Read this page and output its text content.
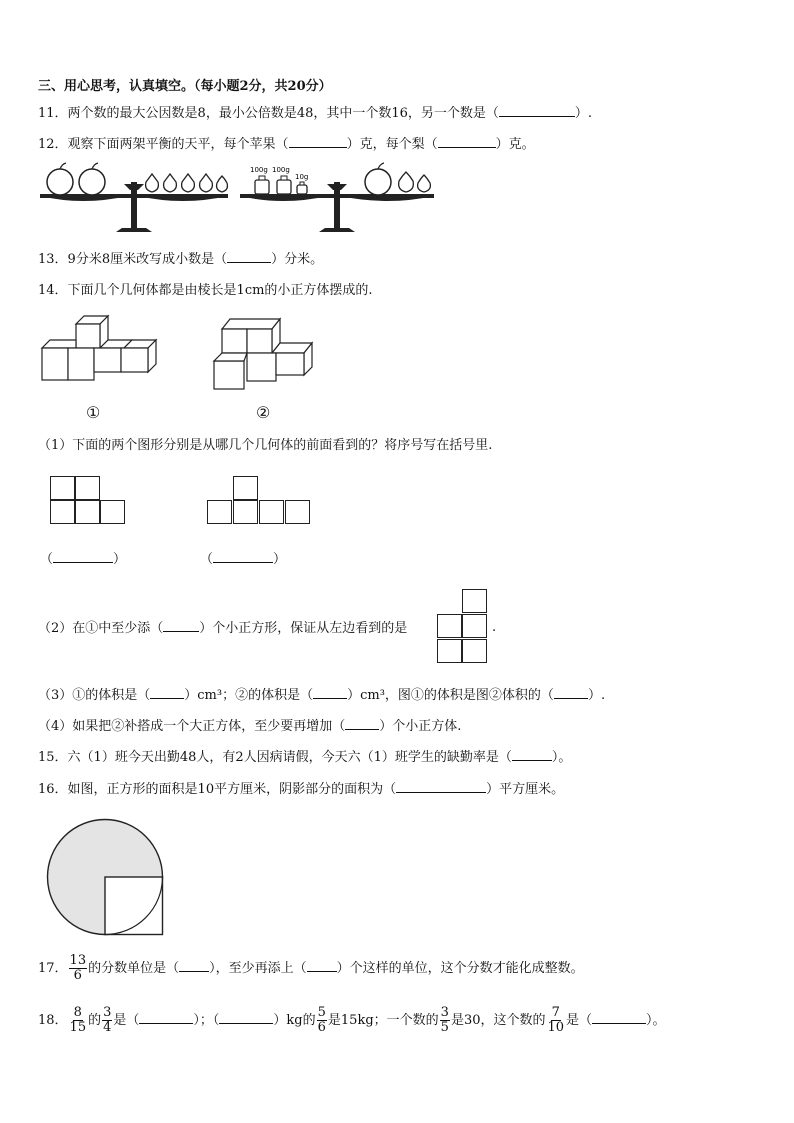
三、用心思考，认真填空。（每小题2分，共20分）
11．两个数的最大公因数是8，最小公倍数是48，其中一个数16，另一个数是（	）.
12．观察下面两架平衡的天平，每个苹果（	）克，每个梨（	）克。
100g 100g
10g
13．9分米8厘米改写成小数是（	）分米。
14．下面几个几何体都是由棱长是1cm的小正方体摆成的.
①	②
（1）下面的两个图形分别是从哪几个几何体的前面看到的？将序号写在括号里.
（	）	（	）
（2）在①中至少添（	）个小正方形，保证从左边看到的是	.
（3）①的体积是（	）cm³；②的体积是（	）cm³，图①的体积是图②体积的（	）.
（4）如果把②补搭成一个大正方体，至少要再增加（	）个小正方体.
15．六（1）班今天出勤48人，有2人因病请假，今天六（1）班学生的缺勤率是（	）。
16．如图，正方形的面积是10平方厘米，阴影部分的面积为（	）平方厘米。
17． $\frac{13}{6}$ 的分数单位是（ ），至少再添上（ ）个这样的单位，这个分数才能化成整数。
18． $\frac{8}{15}$ 的 $\frac{3}{4}$ 是（	）；（	）kg的 $\frac{5}{6}$ 是15kg；一个数的 $\frac{3}{5}$ 是30，这个数的 $\frac{7}{10}$ 是（	）。
